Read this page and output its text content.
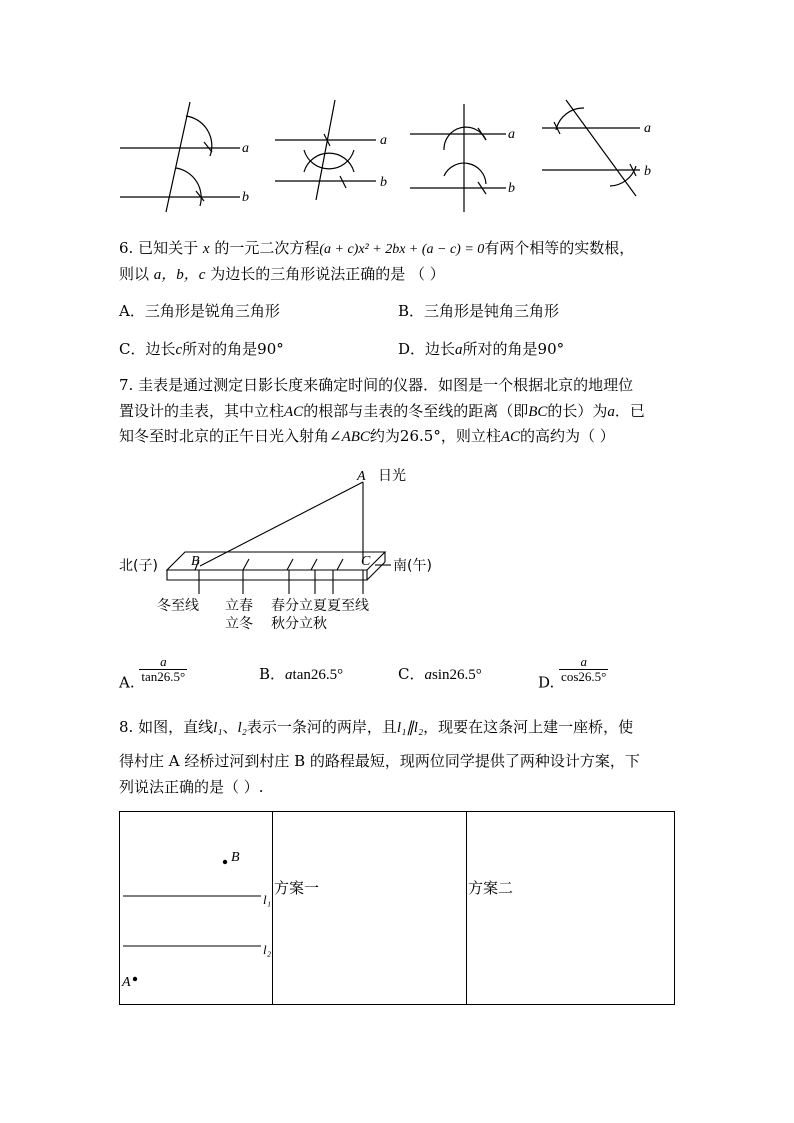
a
b
a
b
a
b
a
b
6. 已知关于 x 的一元二次方程(a + c)x² + 2bx + (a − c) = 0有两个相等的实数根，
则以 a，b，c 为边长的三角形说法正确的是 （ ）
A．三角形是锐角三角形	B．三角形是钝角三角形
C．边长c所对的角是90°	D．边长a所对的角是90°
7. 圭表是通过测定日影长度来确定时间的仪器．如图是一个根据北京的地理位
置设计的圭表，其中立柱AC的根部与圭表的冬至线的距离（即BC的长）为a．已
知冬至时北京的正午日光入射角∠ABC约为26.5°，则立柱AC的高约为（ ）
A 日光
B	C
北(子)	南(午)
冬至线 立春
立冬
春分立夏夏至线
秋分立秋
A. $\frac{a}{\tan 26.5^\circ}$	B．atan26.5°	C．asin26.5°	D. $\frac{a}{\cos 26.5^\circ}$
8. 如图，直线l₁、l₂表示一条河的两岸，且l₁∥l₂，现要在这条河上建一座桥，使
得村庄 A 经桥过河到村庄 B 的路程最短，现两位同学提供了两种设计方案，下
列说法正确的是（ ）.
B
l₁
l₂
A

方案一	方案二
